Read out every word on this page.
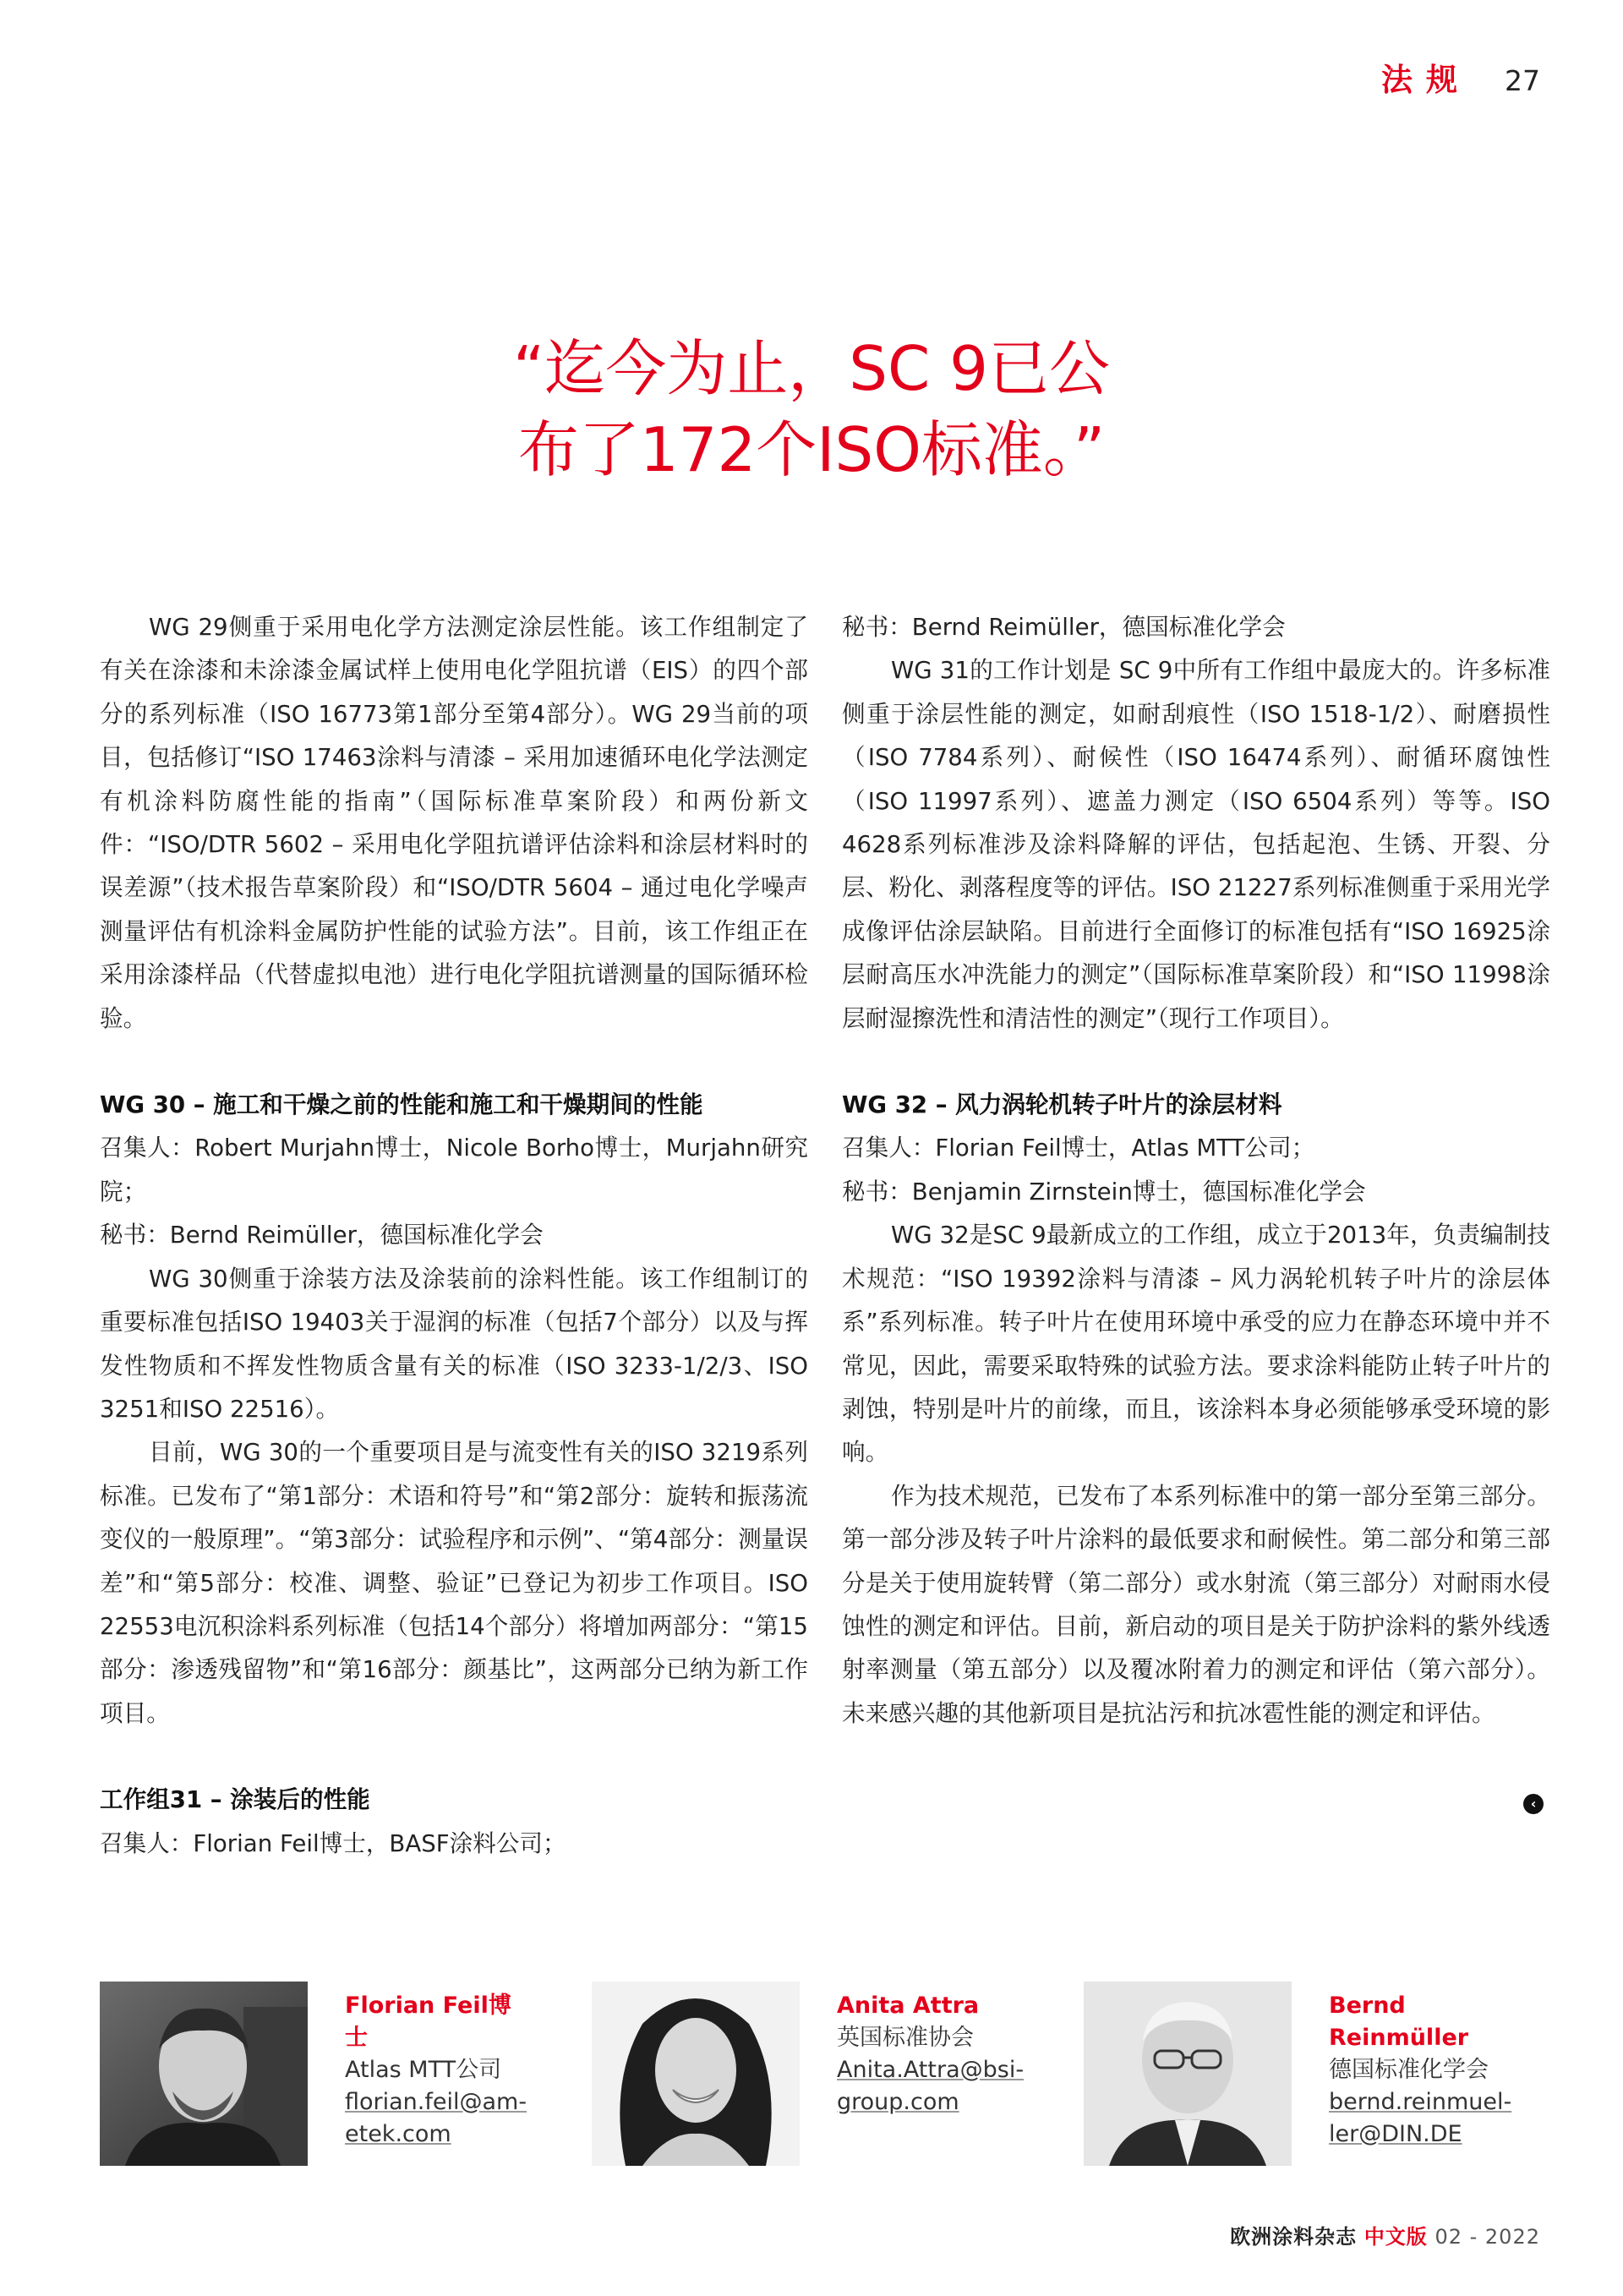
法规 27
“迄今为止，SC 9已公
布了172个ISO标准。”

WG 29侧重于采用电化学方法测定涂层性能。该工作组制定了有关在涂漆和未涂漆金属试样上使用电化学阻抗谱（EIS）的四个部分的系列标准（ISO 16773第1部分至第4部分）。WG 29当前的项目，包括修订“ISO 17463涂料与清漆 – 采用加速循环电化学法测定有机涂料防腐性能的指南”（国际标准草案阶段）和两份新文件：“ISO/DTR 5602 – 采用电化学阻抗谱评估涂料和涂层材料时的误差源”（技术报告草案阶段）和“ISO/DTR 5604 – 通过电化学噪声测量评估有机涂料金属防护性能的试验方法”。目前，该工作组正在采用涂漆样品（代替虚拟电池）进行电化学阻抗谱测量的国际循环检验。

WG 30 – 施工和干燥之前的性能和施工和干燥期间的性能

召集人：Robert Murjahn博士，Nicole Borho博士，Murjahn研究院；

秘书：Bernd Reimüller，德国标准化学会

WG 30侧重于涂装方法及涂装前的涂料性能。该工作组制订的重要标准包括ISO 19403关于湿润的标准（包括7个部分）以及与挥发性物质和不挥发性物质含量有关的标准（ISO 3233-1/2/3、ISO 3251和ISO 22516）。

目前，WG 30的一个重要项目是与流变性有关的ISO 3219系列标准。已发布了“第1部分：术语和符号”和“第2部分：旋转和振荡流变仪的一般原理”。“第3部分：试验程序和示例”、“第4部分：测量误差”和“第5部分：校准、调整、验证”已登记为初步工作项目。ISO 22553电沉积涂料系列标准（包括14个部分）将增加两部分：“第15部分：渗透残留物”和“第16部分：颜基比”，这两部分已纳为新工作项目。

工作组31 – 涂装后的性能

召集人：Florian Feil博士，BASF涂料公司；

秘书：Bernd Reimüller，德国标准化学会

WG 31的工作计划是 SC 9中所有工作组中最庞大的。许多标准侧重于涂层性能的测定，如耐刮痕性（ISO 1518-1/2）、耐磨损性（ISO 7784系列）、耐候性（ISO 16474系列）、耐循环腐蚀性（ISO 11997系列）、遮盖力测定（ISO 6504系列）等等。ISO 4628系列标准涉及涂料降解的评估，包括起泡、生锈、开裂、分层、粉化、剥落程度等的评估。ISO 21227系列标准侧重于采用光学成像评估涂层缺陷。目前进行全面修订的标准包括有“ISO 16925涂层耐高压水冲洗能力的测定”（国际标准草案阶段）和“ISO 11998涂层耐湿擦洗性和清洁性的测定”（现行工作项目）。

WG 32 – 风力涡轮机转子叶片的涂层材料

召集人：Florian Feil博士，Atlas MTT公司；

秘书：Benjamin Zirnstein博士，德国标准化学会

WG 32是SC 9最新成立的工作组，成立于2013年，负责编制技术规范：“ISO 19392涂料与清漆 – 风力涡轮机转子叶片的涂层体系”系列标准。转子叶片在使用环境中承受的应力在静态环境中并不常见，因此，需要采取特殊的试验方法。要求涂料能防止转子叶片的剥蚀，特别是叶片的前缘，而且，该涂料本身必须能够承受环境的影响。

作为技术规范，已发布了本系列标准中的第一部分至第三部分。第一部分涉及转子叶片涂料的最低要求和耐候性。第二部分和第三部分是关于使用旋转臂（第二部分）或水射流（第三部分）对耐雨水侵蚀性的测定和评估。目前，新启动的项目是关于防护涂料的紫外线透射率测量（第五部分）以及覆冰附着力的测定和评估（第六部分）。未来感兴趣的其他新项目是抗沾污和抗冰雹性能的测定和评估。

‹
Florian Feil博士
Atlas MTT公司
florian.feil@am-
etek.com
Anita Attra
英国标准协会
Anita.Attra@bsi-
group.com
Bernd Reinmüller
德国标准化学会
bernd.reinmuel-
ler@DIN.DE
欧洲涂料杂志 中文版 02 - 2022
